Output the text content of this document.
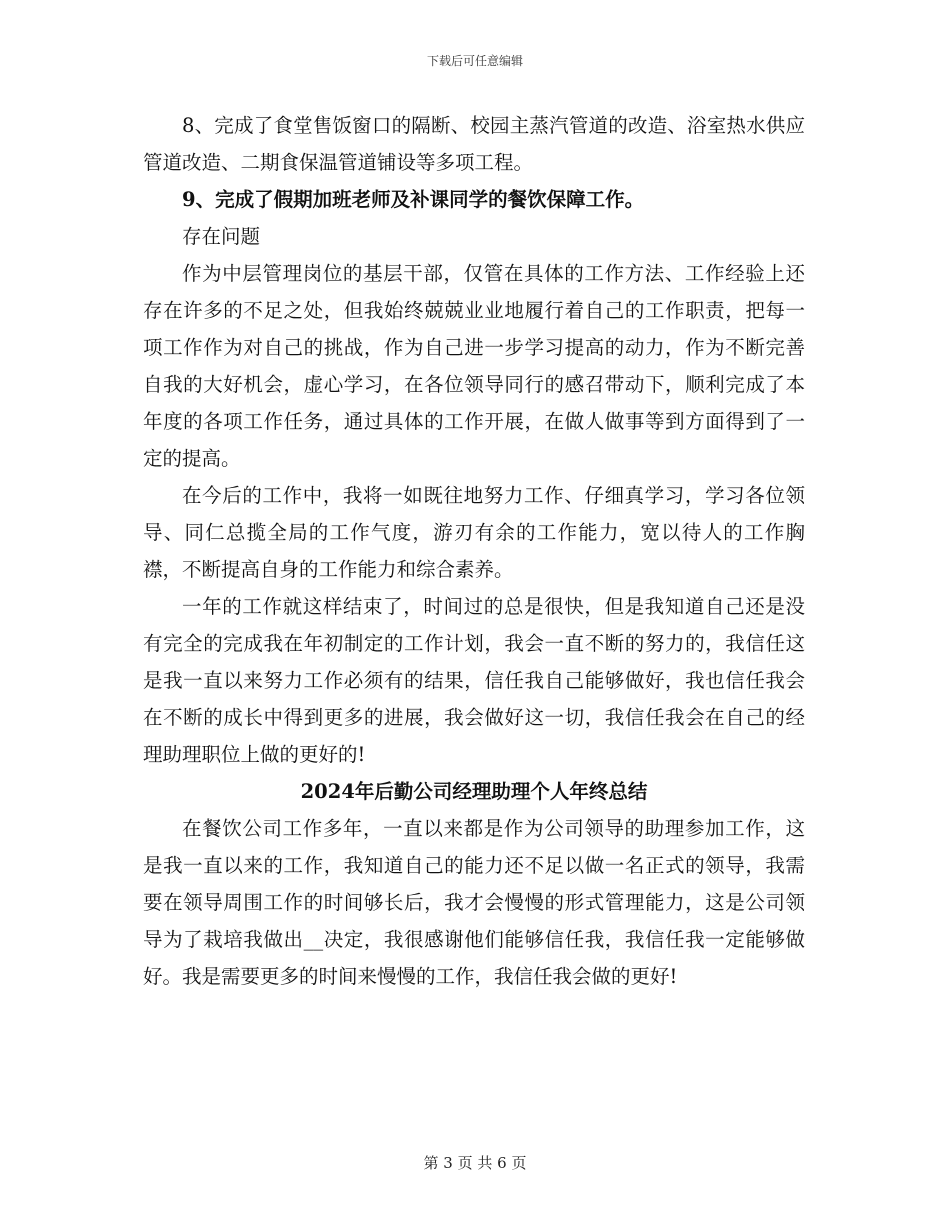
下载后可任意编辑

8、完成了食堂售饭窗口的隔断、校园主蒸汽管道的改造、浴室热水供应管道改造、二期食保温管道铺设等多项工程。

9、完成了假期加班老师及补课同学的餐饮保障工作。

存在问题

作为中层管理岗位的基层干部，仅管在具体的工作方法、工作经验上还存在许多的不足之处，但我始终兢兢业业地履行着自己的工作职责，把每一项工作作为对自己的挑战，作为自己进一步学习提高的动力，作为不断完善自我的大好机会，虚心学习，在各位领导同行的感召带动下，顺利完成了本年度的各项工作任务，通过具体的工作开展，在做人做事等到方面得到了一定的提高。

在今后的工作中，我将一如既往地努力工作、仔细真学习，学习各位领导、同仁总揽全局的工作气度，游刃有余的工作能力，宽以待人的工作胸襟，不断提高自身的工作能力和综合素养。

一年的工作就这样结束了，时间过的总是很快，但是我知道自己还是没有完全的完成我在年初制定的工作计划，我会一直不断的努力的，我信任这是我一直以来努力工作必须有的结果，信任我自己能够做好，我也信任我会在不断的成长中得到更多的进展，我会做好这一切，我信任我会在自己的经理助理职位上做的更好的!

2024年后勤公司经理助理个人年终总结

在餐饮公司工作多年，一直以来都是作为公司领导的助理参加工作，这是我一直以来的工作，我知道自己的能力还不足以做一名正式的领导，我需要在领导周围工作的时间够长后，我才会慢慢的形式管理能力，这是公司领导为了栽培我做出__决定，我很感谢他们能够信任我，我信任我一定能够做好。我是需要更多的时间来慢慢的工作，我信任我会做的更好!

第 3 页 共 6 页
